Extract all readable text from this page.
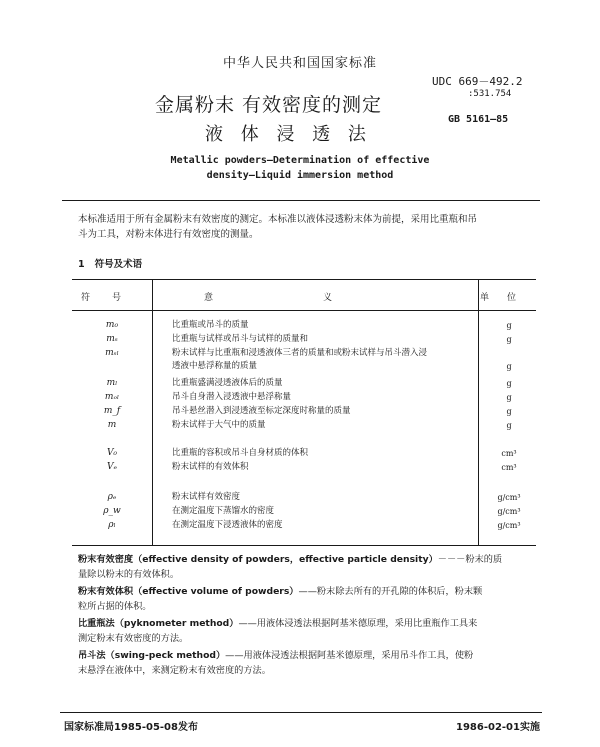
中华人民共和国国家标准
金属粉末 有效密度的测定
液 体 浸 透 法
UDC 669－492.2
:531.754
GB 5161—85
Metallic powders—Determination of effective
density—Liquid immersion method
本标准适用于所有金属粉末有效密度的测定。本标准以液体浸透粉末体为前提，采用比重瓶和吊
斗为工具，对粉末体进行有效密度的测量。
1 符号及术语
符号	意义	单位
m₀	比重瓶或吊斗的质量	g
mₛ	比重瓶与试样或吊斗与试样的质量和	g
mₛₗ	粉末试样与比重瓶和浸透液体三者的质量和或粉末试样与吊斗潜入浸
透液中悬浮称量的质量	g
mₗ	比重瓶盛满浸透液体后的质量	g
mₒₗ	吊斗自身潜入浸透液中悬浮称量	g
m_f	吊斗悬丝潜入到浸透液至标定深度时称量的质量	g
m	粉末试样于大气中的质量	g
V₀	比重瓶的容积或吊斗自身材质的体积	cm³
Vₑ	粉末试样的有效体积	cm³
ρₑ	粉末试样有效密度	g/cm³
ρ_w	在测定温度下蒸馏水的密度	g/cm³
ρₗ	在测定温度下浸透液体的密度	g/cm³
粉末有效密度（effective density of powders，effective particle density）－－－粉末的质
量除以粉末的有效体积。
粉末有效体积（effective volume of powders）——粉末除去所有的开孔隙的体积后，粉末颗
粒所占据的体积。
比重瓶法（pyknometer method）——用液体浸透法根据阿基米德原理，采用比重瓶作工具来
测定粉末有效密度的方法。
吊斗法（swing-peck method）——用液体浸透法根据阿基米德原理，采用吊斗作工具，使粉
末悬浮在液体中，来测定粉末有效密度的方法。
国家标准局1985-05-08发布	1986-02-01实施
